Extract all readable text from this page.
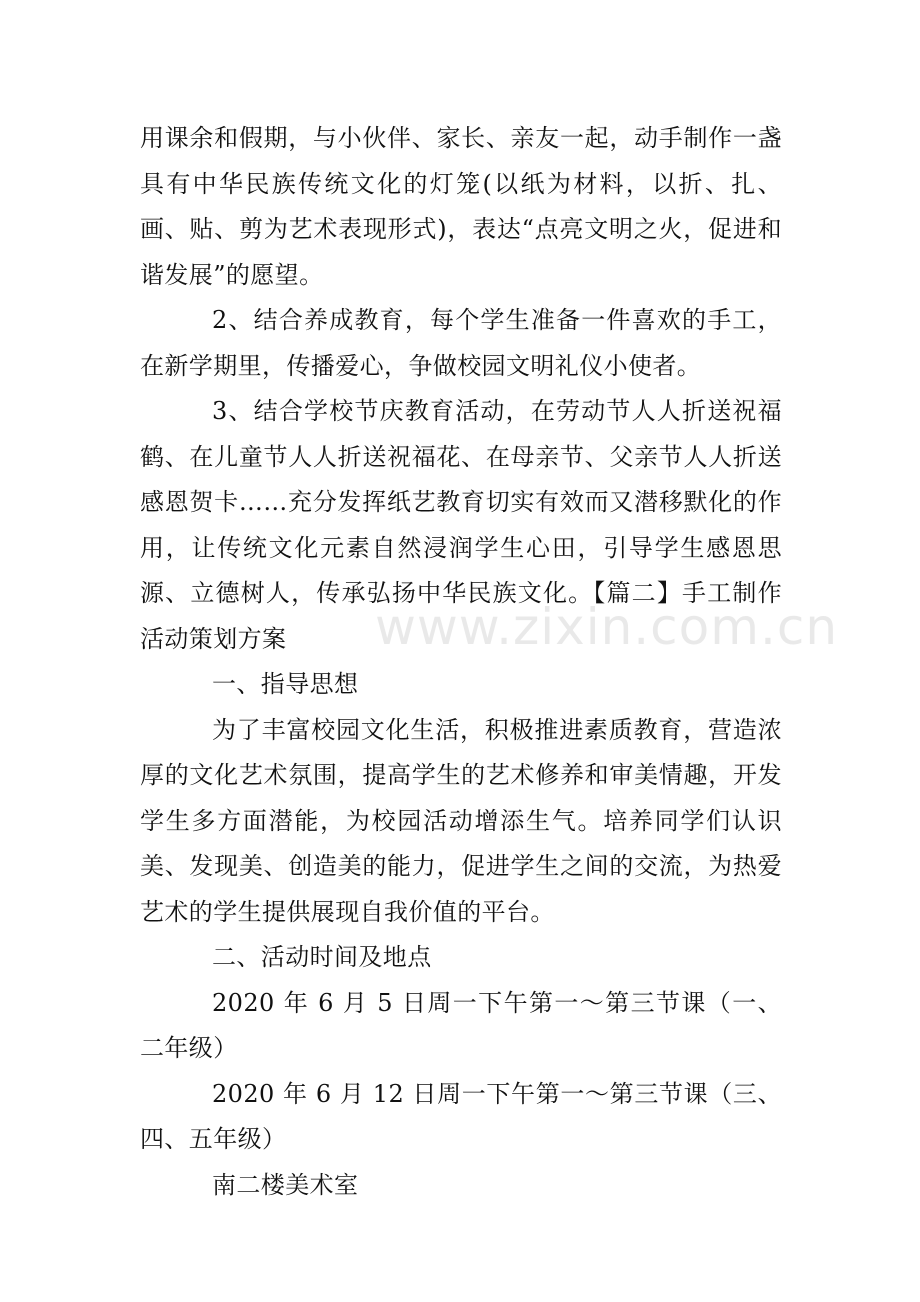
用课余和假期，与小伙伴、家长、亲友一起，动手制作一盏具有中华民族传统文化的灯笼(以纸为材料，以折、扎、画、贴、剪为艺术表现形式)，表达“点亮文明之火，促进和谐发展”的愿望。

2、结合养成教育，每个学生准备一件喜欢的手工，在新学期里，传播爱心，争做校园文明礼仪小使者。

3、结合学校节庆教育活动，在劳动节人人折送祝福鹤、在儿童节人人折送祝福花、在母亲节、父亲节人人折送感恩贺卡……充分发挥纸艺教育切实有效而又潜移默化的作用，让传统文化元素自然浸润学生心田，引导学生感恩思源、立德树人，传承弘扬中华民族文化。【篇二】手工制作活动策划方案

一、指导思想

为了丰富校园文化生活，积极推进素质教育，营造浓厚的文化艺术氛围，提高学生的艺术修养和审美情趣，开发学生多方面潜能，为校园活动增添生气。培养同学们认识美、发现美、创造美的能力，促进学生之间的交流，为热爱艺术的学生提供展现自我价值的平台。

二、活动时间及地点

2020 年 6 月 5 日周一下午第一～第三节课（一、二年级）

2020 年 6 月 12 日周一下午第一～第三节课（三、四、五年级）

南二楼美术室

www.zixin.com.cn
